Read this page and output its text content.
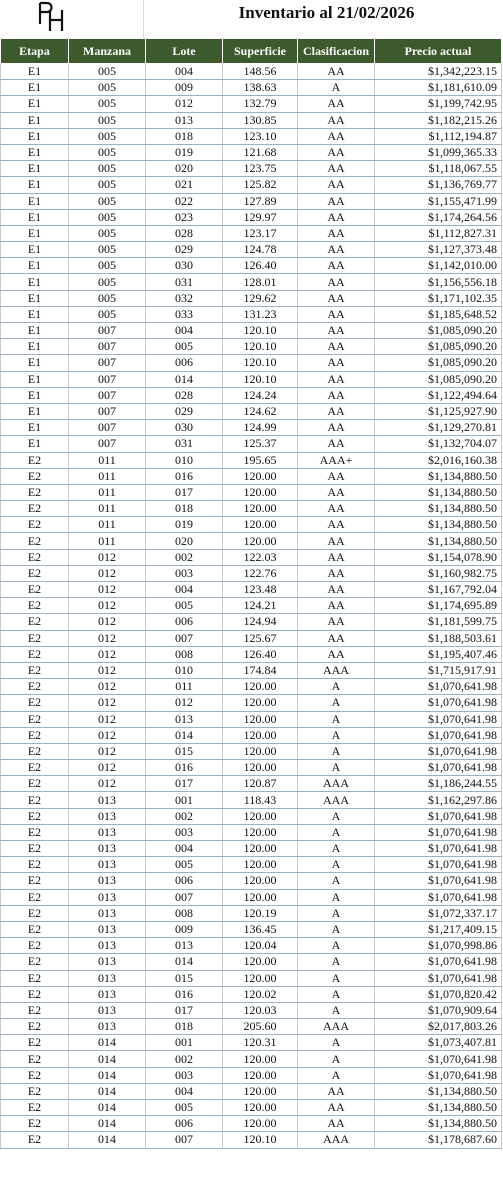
Inventario al 21/02/2026
Etapa	Manzana	Lote	Superficie	Clasificacion	Precio actual
E1	005	004	148.56	AA	$1,342,223.15
E1	005	009	138.63	A	$1,181,610.09
E1	005	012	132.79	AA	$1,199,742.95
E1	005	013	130.85	AA	$1,182,215.26
E1	005	018	123.10	AA	$1,112,194.87
E1	005	019	121.68	AA	$1,099,365.33
E1	005	020	123.75	AA	$1,118,067.55
E1	005	021	125.82	AA	$1,136,769.77
E1	005	022	127.89	AA	$1,155,471.99
E1	005	023	129.97	AA	$1,174,264.56
E1	005	028	123.17	AA	$1,112,827.31
E1	005	029	124.78	AA	$1,127,373.48
E1	005	030	126.40	AA	$1,142,010.00
E1	005	031	128.01	AA	$1,156,556.18
E1	005	032	129.62	AA	$1,171,102.35
E1	005	033	131.23	AA	$1,185,648.52
E1	007	004	120.10	AA	$1,085,090.20
E1	007	005	120.10	AA	$1,085,090.20
E1	007	006	120.10	AA	$1,085,090.20
E1	007	014	120.10	AA	$1,085,090.20
E1	007	028	124.24	AA	$1,122,494.64
E1	007	029	124.62	AA	$1,125,927.90
E1	007	030	124.99	AA	$1,129,270.81
E1	007	031	125.37	AA	$1,132,704.07
E2	011	010	195.65	AAA+	$2,016,160.38
E2	011	016	120.00	AA	$1,134,880.50
E2	011	017	120.00	AA	$1,134,880.50
E2	011	018	120.00	AA	$1,134,880.50
E2	011	019	120.00	AA	$1,134,880.50
E2	011	020	120.00	AA	$1,134,880.50
E2	012	002	122.03	AA	$1,154,078.90
E2	012	003	122.76	AA	$1,160,982.75
E2	012	004	123.48	AA	$1,167,792.04
E2	012	005	124.21	AA	$1,174,695.89
E2	012	006	124.94	AA	$1,181,599.75
E2	012	007	125.67	AA	$1,188,503.61
E2	012	008	126.40	AA	$1,195,407.46
E2	012	010	174.84	AAA	$1,715,917.91
E2	012	011	120.00	A	$1,070,641.98
E2	012	012	120.00	A	$1,070,641.98
E2	012	013	120.00	A	$1,070,641.98
E2	012	014	120.00	A	$1,070,641.98
E2	012	015	120.00	A	$1,070,641.98
E2	012	016	120.00	A	$1,070,641.98
E2	012	017	120.87	AAA	$1,186,244.55
E2	013	001	118.43	AAA	$1,162,297.86
E2	013	002	120.00	A	$1,070,641.98
E2	013	003	120.00	A	$1,070,641.98
E2	013	004	120.00	A	$1,070,641.98
E2	013	005	120.00	A	$1,070,641.98
E2	013	006	120.00	A	$1,070,641.98
E2	013	007	120.00	A	$1,070,641.98
E2	013	008	120.19	A	$1,072,337.17
E2	013	009	136.45	A	$1,217,409.15
E2	013	013	120.04	A	$1,070,998.86
E2	013	014	120.00	A	$1,070,641.98
E2	013	015	120.00	A	$1,070,641.98
E2	013	016	120.02	A	$1,070,820.42
E2	013	017	120.03	A	$1,070,909.64
E2	013	018	205.60	AAA	$2,017,803.26
E2	014	001	120.31	A	$1,073,407.81
E2	014	002	120.00	A	$1,070,641.98
E2	014	003	120.00	A	$1,070,641.98
E2	014	004	120.00	AA	$1,134,880.50
E2	014	005	120.00	AA	$1,134,880.50
E2	014	006	120.00	AA	$1,134,880.50
E2	014	007	120.10	AAA	$1,178,687.60
